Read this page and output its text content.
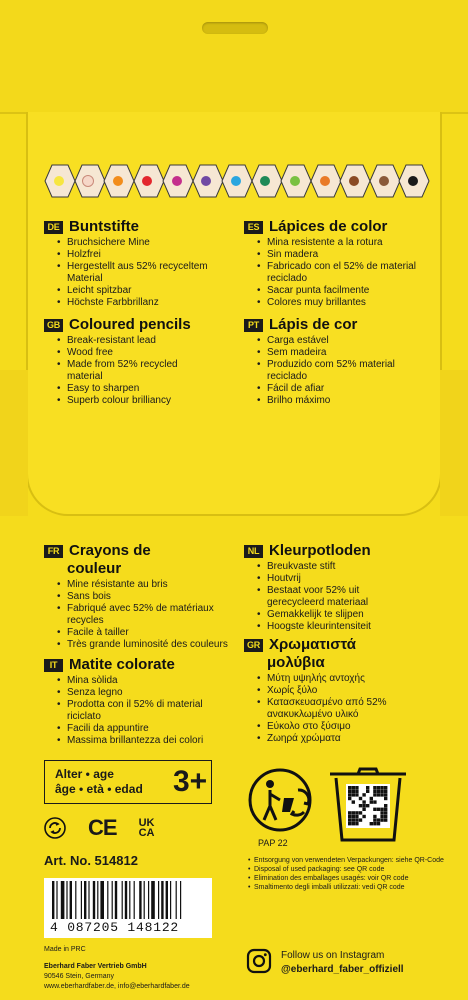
DE Buntstifte
• Bruchsichere Mine
• Holzfrei
• Hergestellt aus 52% recyceltem
Material
• Leicht spitzbar
• Höchste Farbbrillanz
ES Lápices de color
• Mina resistente a la rotura
• Sin madera
• Fabricado con el 52% de material
reciclado
• Sacar punta facilmente
• Colores muy brillantes
GB Coloured pencils
• Break-resistant lead
• Wood free
• Made from 52% recycled
material
• Easy to sharpen
• Superb colour brilliancy
PT Lápis de cor
• Carga estável
• Sem madeira
• Produzido com 52% material
reciclado
• Fácil de afiar
• Brilho máximo
FR Crayons de
couleur
• Mine résistante au bris
• Sans bois
• Fabriqué avec 52% de matériaux
recycles
• Facile à tailler
• Très grande luminosité des couleurs
NL Kleurpotloden
• Breukvaste stift
• Houtvrij
• Bestaat voor 52% uit
gerecycleerd materiaal
• Gemakkelijk te slijpen
• Hoogste kleurintensiteit
IT Matite colorate
• Mina sòlida
• Senza legno
• Prodotta con il 52% di material
riciclato
• Facili da appuntire
• Massima brillantezza dei colori
GR Χρωματιστά
μολύβια
• Μύτη υψηλής αντοχής
• Χωρίς ξύλο
• Κατασκευασμένο από 52%
ανακυκλωμένο υλικό
• Εύκολο στο ξύσιμο
• Ζωηρά χρώματα
Alter • age
âge • età • edad	3+
CE UK
CA
Art. No. 514812
4 087205 148122
Made in PRC
Eberhard Faber Vertrieb GmbH
90546 Stein, Germany
www.eberhardfaber.de, info@eberhardfaber.de
PAP 22
• Entsorgung von verwendeten Verpackungen: siehe QR-Code
• Disposal of used packaging: see QR code
• Elimination des emballages usagés: voir QR code
• Smaltimento degli imballi utilizzati: vedi QR code
Follow us on Instagram
@eberhard_faber_offiziell
